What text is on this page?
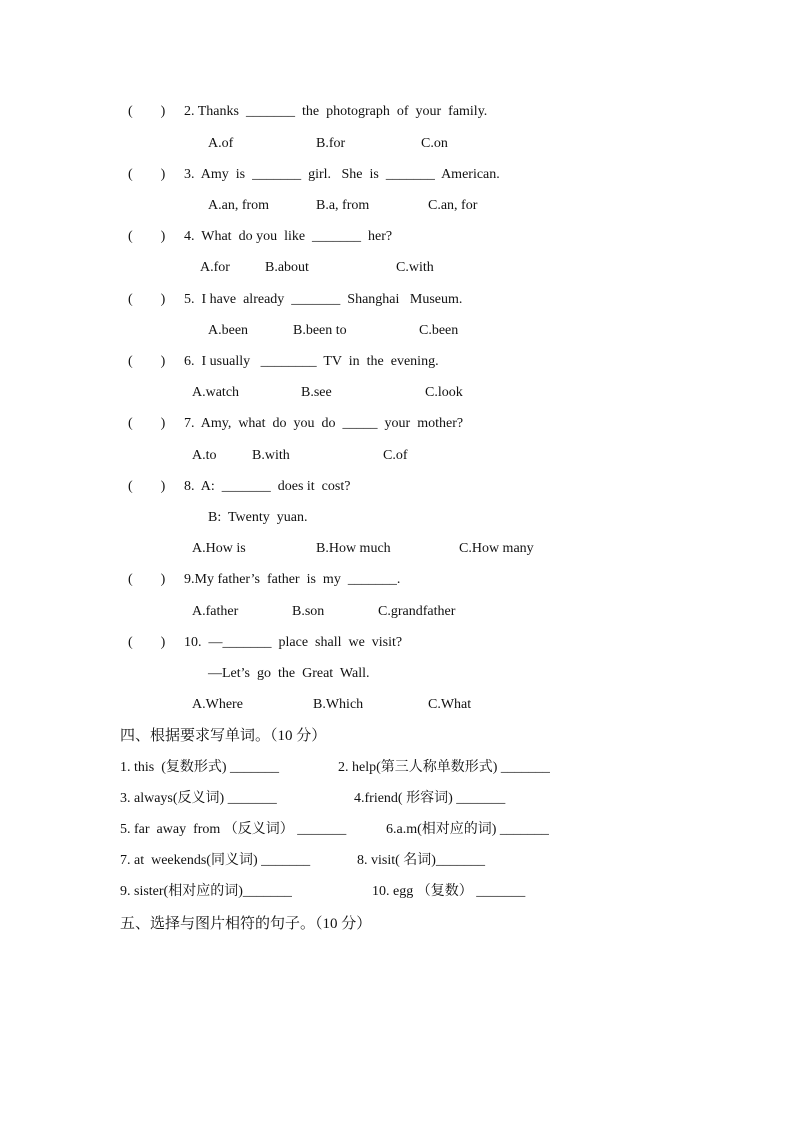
(        ) 2. Thanks  _______  the  photograph  of  your  family.
A.of	B.for	C.on
(        ) 3.  Amy  is  _______  girl.   She  is  _______  American.
A.an, from	B.a, from	C.an, for
(        ) 4.  What  do you  like  _______  her?
A.for	B.about	C.with
(        ) 5.  I have  already  _______  Shanghai   Museum.
A.been	B.been to	C.been
(        ) 6.  I usually   ________  TV  in  the  evening.
A.watch	B.see	C.look
(        ) 7.  Amy,  what  do  you  do  _____  your  mother?
A.to	B.with	C.of
(        ) 8.  A:  _______  does it  cost?
B:  Twenty  yuan.
A.How is	B.How much	C.How many
(        ) 9.My father’s  father  is  my  _______.
A.father	B.son	C.grandfather
(        ) 10.  —_______  place  shall  we  visit?
—Let’s  go  the  Great  Wall.
A.Where	B.Which	C.What
四、根据要求写单词。（10 分）
1. this  (复数形式) _______	2. help(第三人称单数形式) _______
3. always(反义词) _______	4.friend( 形容词) _______
5. far  away  from （反义词） _______	6.a.m(相对应的词) _______
7. at  weekends(同义词) _______	8. visit( 名词)_______
9. sister(相对应的词)_______	10. egg （复数） _______
五、选择与图片相符的句子。（10 分）
